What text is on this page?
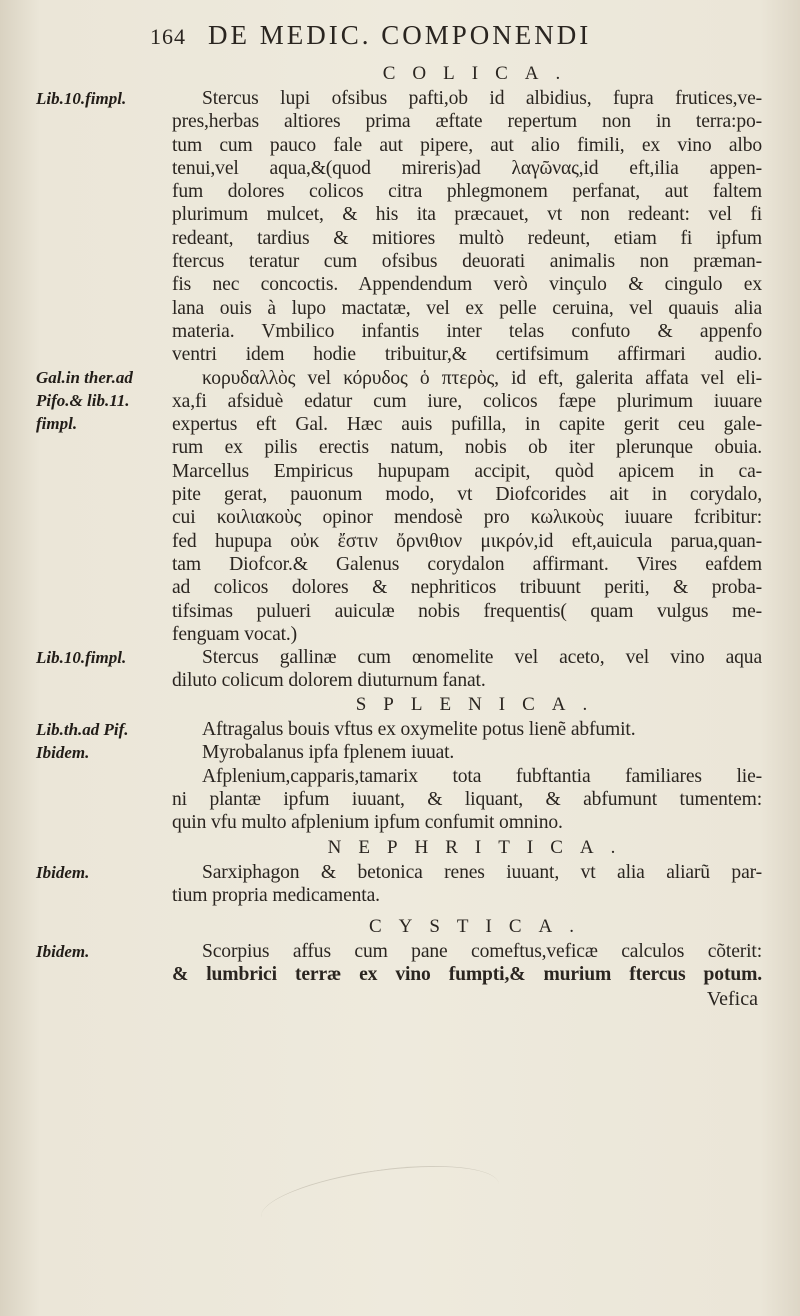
164 DE MEDIC. COMPONENDI
COLICA.
Stercus lupi ofsibus pafti,ob id albidius, fupra frutices,ve-
pres,herbas altiores prima æftate repertum non in terra:po-
tum cum pauco fale aut pipere, aut alio fimili, ex vino albo
tenui,vel aqua,&(quod mireris)ad λαγῶνας,id eft,ilia appen-
fum dolores colicos citra phlegmonem perfanat, aut faltem
plurimum mulcet, & his ita præcauet, vt non redeant: vel fi
redeant, tardius & mitiores multò redeunt, etiam fi ipfum
ftercus teratur cum ofsibus deuorati animalis non præman-
fis nec concoctis. Appendendum verò vinçulo & cingulo ex
lana ouis à lupo mactatæ, vel ex pelle ceruina, vel quauis alia
materia. Vmbilico infantis inter telas confuto & appenfo
ventri idem hodie tribuitur,& certifsimum affirmari audio.
κορυδαλλὸς vel κόρυδος ὁ πτερὸς, id eft, galerita affata vel eli-
xa,fi afsiduè edatur cum iure, colicos fæpe plurimum iuuare
expertus eft Gal. Hæc auis pufilla, in capite gerit ceu gale-
rum ex pilis erectis natum, nobis ob iter plerunque obuia.
Marcellus Empiricus hupupam accipit, quòd apicem in ca-
pite gerat, pauonum modo, vt Diofcorides ait in corydalo,
cui κοιλιακοὺς opinor mendosè pro κωλικοὺς iuuare fcribitur:
fed hupupa οὐκ ἔστιν ὄρνιθιον μικρόν,id eft,auicula parua,quan-
tam Diofcor.& Galenus corydalon affirmant. Vires eafdem
ad colicos dolores & nephriticos tribuunt periti, & proba-
tifsimas pulueri auiculæ nobis frequentis( quam vulgus me-
fenguam vocat.)
Stercus gallinæ cum œnomelite vel aceto, vel vino aqua
diluto colicum dolorem diuturnum fanat.
SPLENICA.
Aftragalus bouis vftus ex oxymelite potus lienẽ abfumit.
Myrobalanus ipfa fplenem iuuat.
Afplenium,capparis,tamarix tota fubftantia familiares lie-
ni plantæ ipfum iuuant, & liquant, & abfumunt tumentem:
quin vfu multo afplenium ipfum confumit omnino.
NEPHRITICA.
Sarxiphagon & betonica renes iuuant, vt alia aliarũ par-
tium propria medicamenta.
CYSTICA.
Scorpius affus cum pane comeftus,veficæ calculos cõterit:
& lumbrici terræ ex vino fumpti,& murium ftercus potum.
Lib.10.fimpl.
Gal.in ther.ad
Pifo.& lib.11.
fimpl.
Lib.10.fimpl.
Lib.th.ad Pif.
Ibidem.
Ibidem.
Ibidem.
Vefica
